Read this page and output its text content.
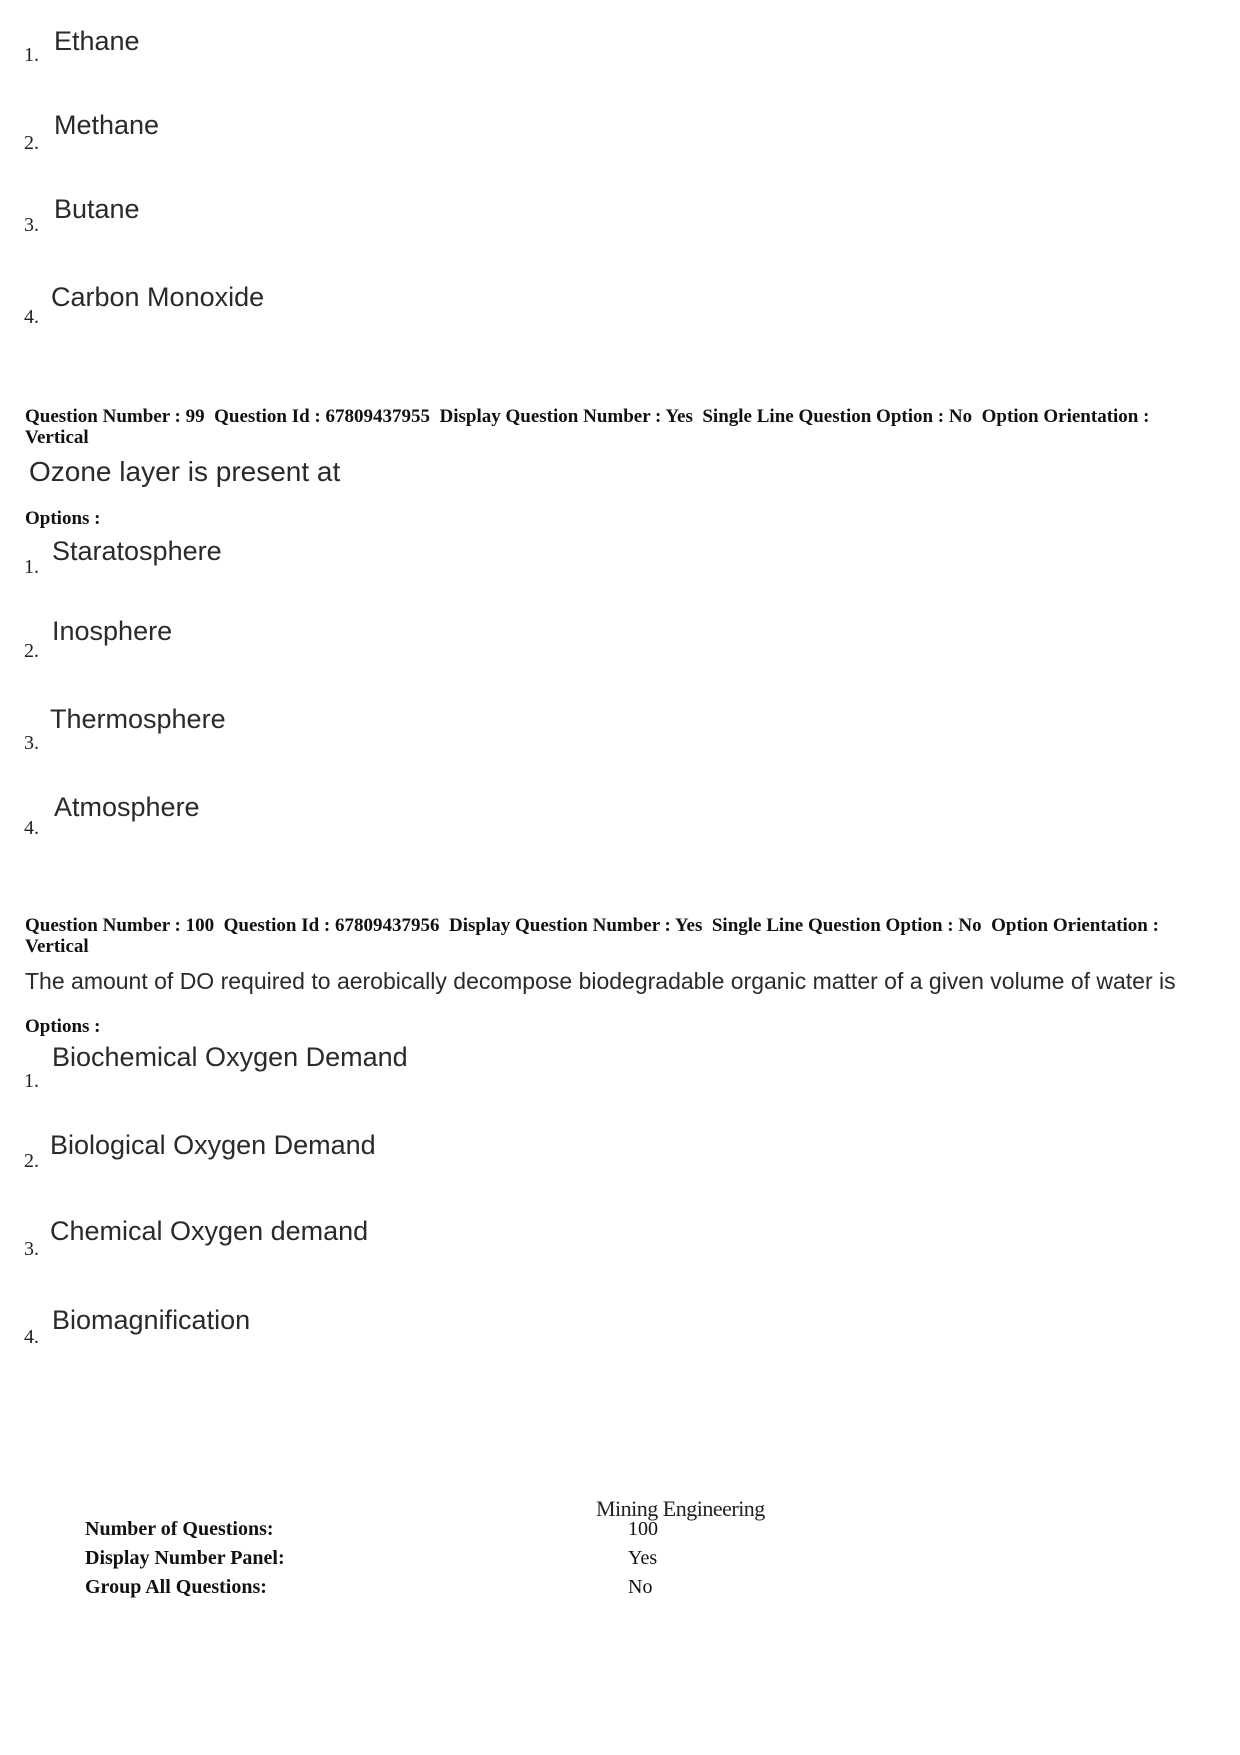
1. Ethane
2.
Methane
3.
Butane
4.
Carbon Monoxide
Question Number : 99  Question Id : 67809437955  Display Question Number : Yes  Single Line Question Option : No  Option Orientation : Vertical
Ozone layer is present at
Options :
1.
Staratosphere
2.
Inosphere
3.
Thermosphere
4.
Atmosphere
Question Number : 100  Question Id : 67809437956  Display Question Number : Yes  Single Line Question Option : No  Option Orientation : Vertical
The amount of DO required to aerobically decompose biodegradable organic matter of a given volume of water is
Options :
1.
Biochemical Oxygen Demand
2.
Biological Oxygen Demand
3.
Chemical Oxygen demand
4.
Biomagnification
Mining Engineering
Number of Questions:	100
Display Number Panel:	Yes
Group All Questions:	No
